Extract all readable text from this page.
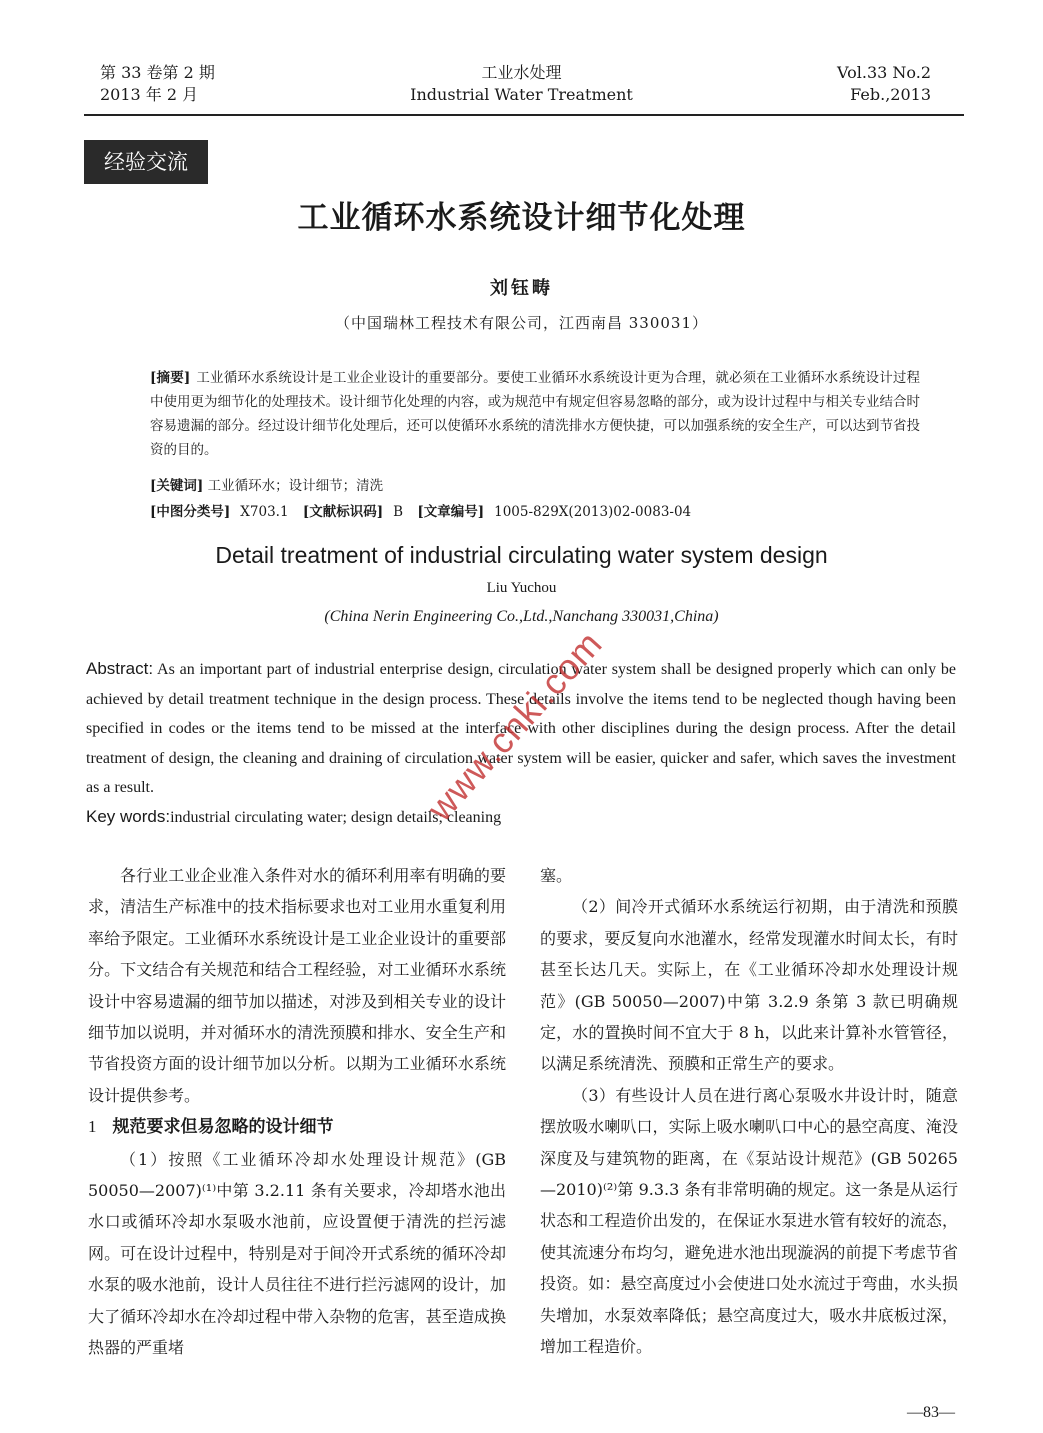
第 33 卷第 2 期
2013 年 2 月
工业水处理
Industrial Water Treatment
Vol.33 No.2
Feb.,2013
经验交流
工业循环水系统设计细节化处理
刘钰畴
（中国瑞林工程技术有限公司，江西南昌 330031）
[摘要] 工业循环水系统设计是工业企业设计的重要部分。要使工业循环水系统设计更为合理，就必须在工业循环水系统设计过程中使用更为细节化的处理技术。设计细节化处理的内容，或为规范中有规定但容易忽略的部分，或为设计过程中与相关专业结合时容易遗漏的部分。经过设计细节化处理后，还可以使循环水系统的清洗排水方便快捷，可以加强系统的安全生产，可以达到节省投资的目的。
[关键词] 工业循环水；设计细节；清洗
[中图分类号] X703.1 [文献标识码] B [文章编号] 1005-829X(2013)02-0083-04
Detail treatment of industrial circulating water system design
Liu Yuchou
(China Nerin Engineering Co.,Ltd.,Nanchang 330031,China)
Abstract: As an important part of industrial enterprise design, circulation water system shall be designed properly which can only be achieved by detail treatment technique in the design process. These details involve the items tend to be neglected though having been specified in codes or the items tend to be missed at the interface with other disciplines during the design process. After the detail treatment of design, the cleaning and draining of circulation water system will be easier, quicker and safer, which saves the investment as a result.
Key words:industrial circulating water; design details; cleaning

各行业工业企业准入条件对水的循环利用率有明确的要求，清洁生产标准中的技术指标要求也对工业用水重复利用率给予限定。工业循环水系统设计是工业企业设计的重要部分。下文结合有关规范和结合工程经验，对工业循环水系统设计中容易遗漏的细节加以描述，对涉及到相关专业的设计细节加以说明，并对循环水的清洗预膜和排水、安全生产和节省投资方面的设计细节加以分析。以期为工业循环水系统设计提供参考。

1 规范要求但易忽略的设计细节

（1）按照《工业循环冷却水处理设计规范》(GB 50050—2007)⁽¹⁾中第 3.2.11 条有关要求，冷却塔水池出水口或循环冷却水泵吸水池前，应设置便于清洗的拦污滤网。可在设计过程中，特别是对于间冷开式系统的循环冷却水泵的吸水池前，设计人员往往不进行拦污滤网的设计，加大了循环冷却水在冷却过程中带入杂物的危害，甚至造成换热器的严重堵

塞。

（2）间冷开式循环水系统运行初期，由于清洗和预膜的要求，要反复向水池灌水，经常发现灌水时间太长，有时甚至长达几天。实际上，在《工业循环冷却水处理设计规范》(GB 50050—2007)中第 3.2.9 条第 3 款已明确规定，水的置换时间不宜大于 8 h，以此来计算补水管管径，以满足系统清洗、预膜和正常生产的要求。

（3）有些设计人员在进行离心泵吸水井设计时，随意摆放吸水喇叭口，实际上吸水喇叭口中心的悬空高度、淹没深度及与建筑物的距离，在《泵站设计规范》(GB 50265—2010)⁽²⁾第 9.3.3 条有非常明确的规定。这一条是从运行状态和工程造价出发的，在保证水泵进水管有较好的流态，使其流速分布均匀，避免进水池出现漩涡的前提下考虑节省投资。如：悬空高度过小会使进口处水流过于弯曲，水头损失增加，水泵效率降低；悬空高度过大，吸水井底板过深，增加工程造价。

—83—
www.cnki.com
